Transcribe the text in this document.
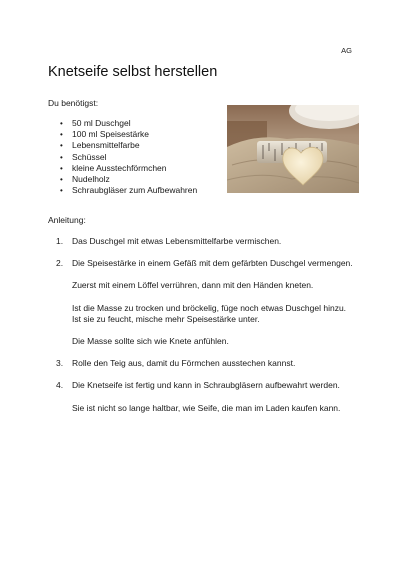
AG
Knetseife selbst herstellen
Du benötigst:
• 50 ml Duschgel
• 100 ml Speisestärke
• Lebensmittelfarbe
• Schüssel
• kleine Ausstechförmchen
• Nudelholz
• Schraubgläser zum Aufbewahren
Anleitung:
1. Das Duschgel mit etwas Lebensmittelfarbe vermischen.

2. Die Speisestärke in einem Gefäß mit dem gefärbten Duschgel vermengen.

Zuerst mit einem Löffel verrühren, dann mit den Händen kneten.

Ist die Masse zu trocken und bröckelig, füge noch etwas Duschgel hinzu. Ist sie zu feucht, mische mehr Speisestärke unter.

Die Masse sollte sich wie Knete anfühlen.

3. Rolle den Teig aus, damit du Förmchen ausstechen kannst.

4. Die Knetseife ist fertig und kann in Schraubgläsern aufbewahrt werden.

Sie ist nicht so lange haltbar, wie Seife, die man im Laden kaufen kann.
